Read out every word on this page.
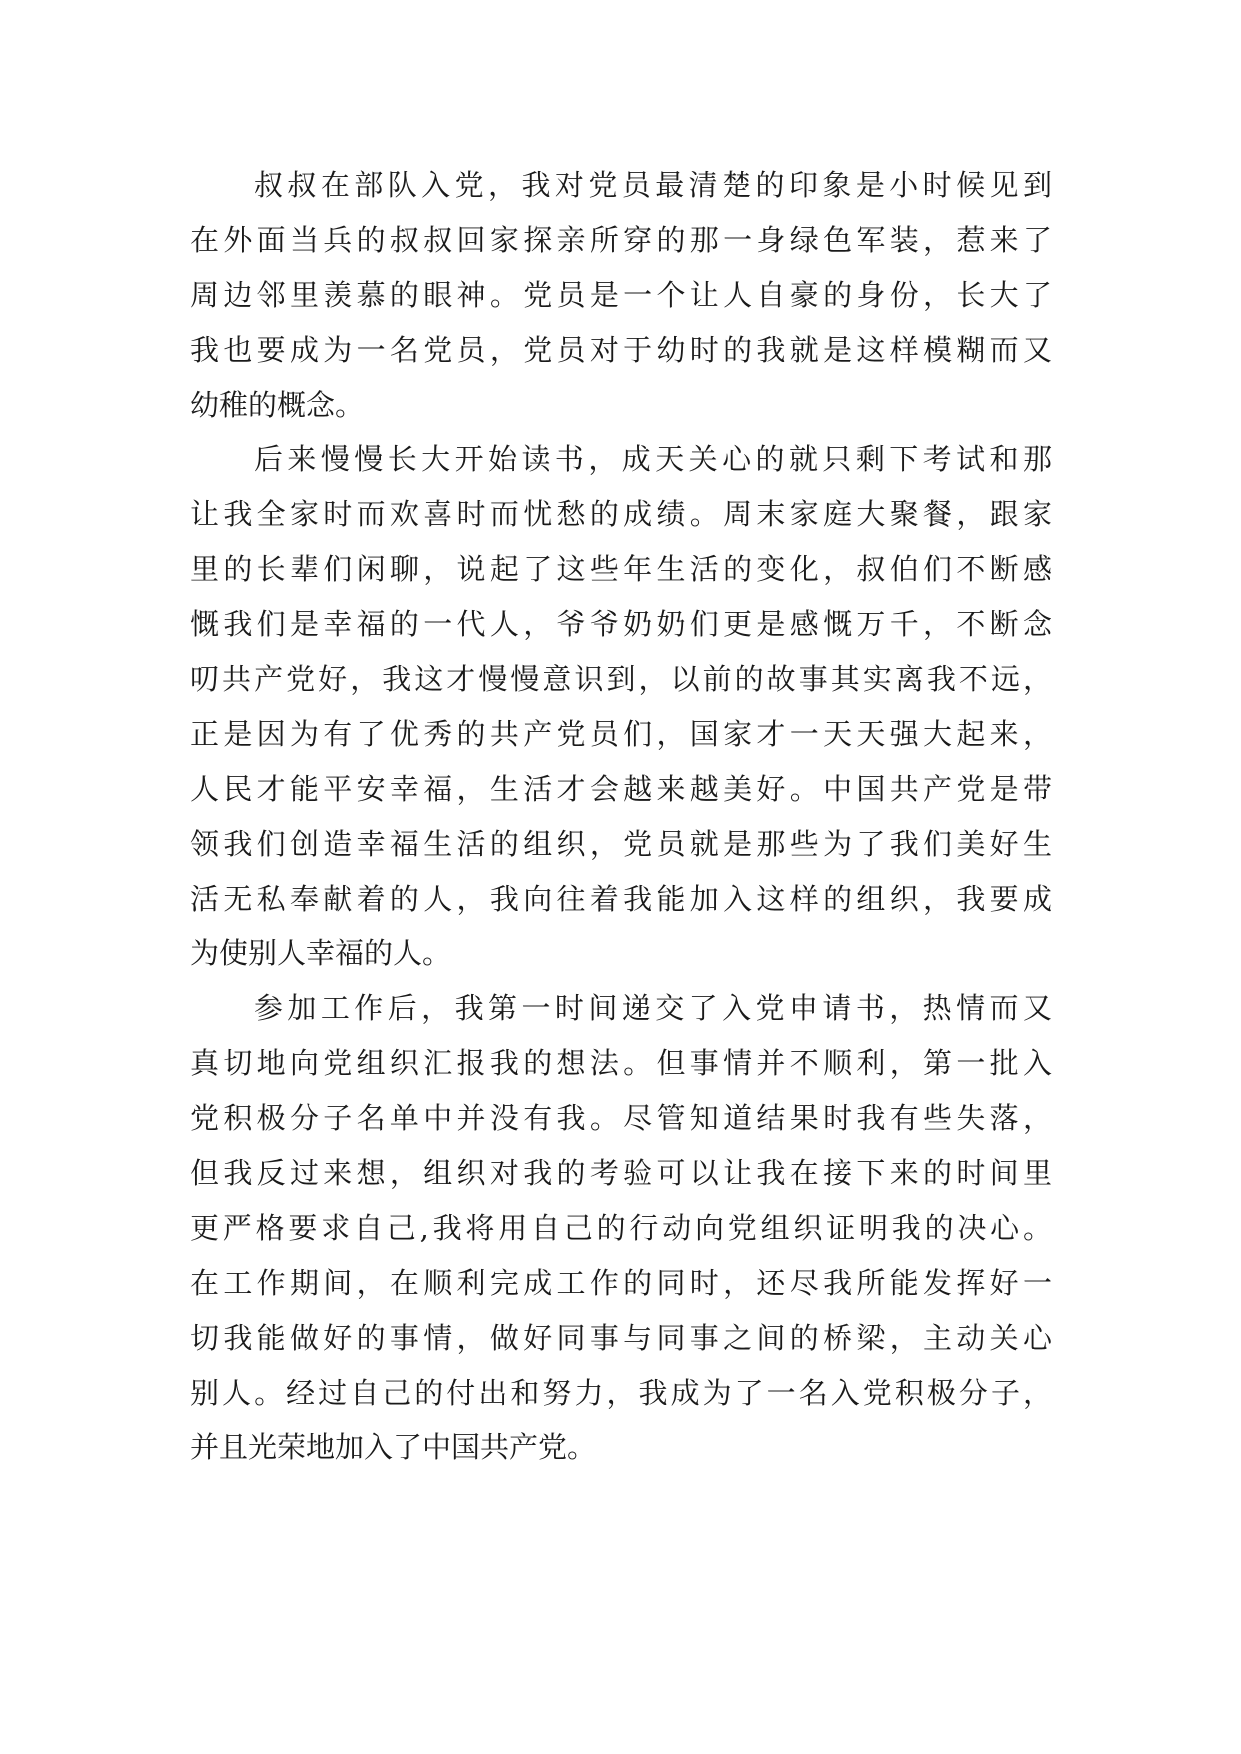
叔叔在部队入党，我对党员最清楚的印象是小时候见到
在外面当兵的叔叔回家探亲所穿的那一身绿色军装，惹来了
周边邻里羡慕的眼神。党员是一个让人自豪的身份，长大了
我也要成为一名党员，党员对于幼时的我就是这样模糊而又
幼稚的概念。
后来慢慢长大开始读书，成天关心的就只剩下考试和那
让我全家时而欢喜时而忧愁的成绩。周末家庭大聚餐，跟家
里的长辈们闲聊，说起了这些年生活的变化，叔伯们不断感
慨我们是幸福的一代人，爷爷奶奶们更是感慨万千，不断念
叨共产党好，我这才慢慢意识到，以前的故事其实离我不远，
正是因为有了优秀的共产党员们，国家才一天天强大起来，
人民才能平安幸福，生活才会越来越美好。中国共产党是带
领我们创造幸福生活的组织，党员就是那些为了我们美好生
活无私奉献着的人，我向往着我能加入这样的组织，我要成
为使别人幸福的人。
参加工作后，我第一时间递交了入党申请书，热情而又
真切地向党组织汇报我的想法。但事情并不顺利，第一批入
党积极分子名单中并没有我。尽管知道结果时我有些失落，
但我反过来想，组织对我的考验可以让我在接下来的时间里
更严格要求自己,我将用自己的行动向党组织证明我的决心。
在工作期间，在顺利完成工作的同时，还尽我所能发挥好一
切我能做好的事情，做好同事与同事之间的桥梁，主动关心
别人。经过自己的付出和努力，我成为了一名入党积极分子，
并且光荣地加入了中国共产党。
